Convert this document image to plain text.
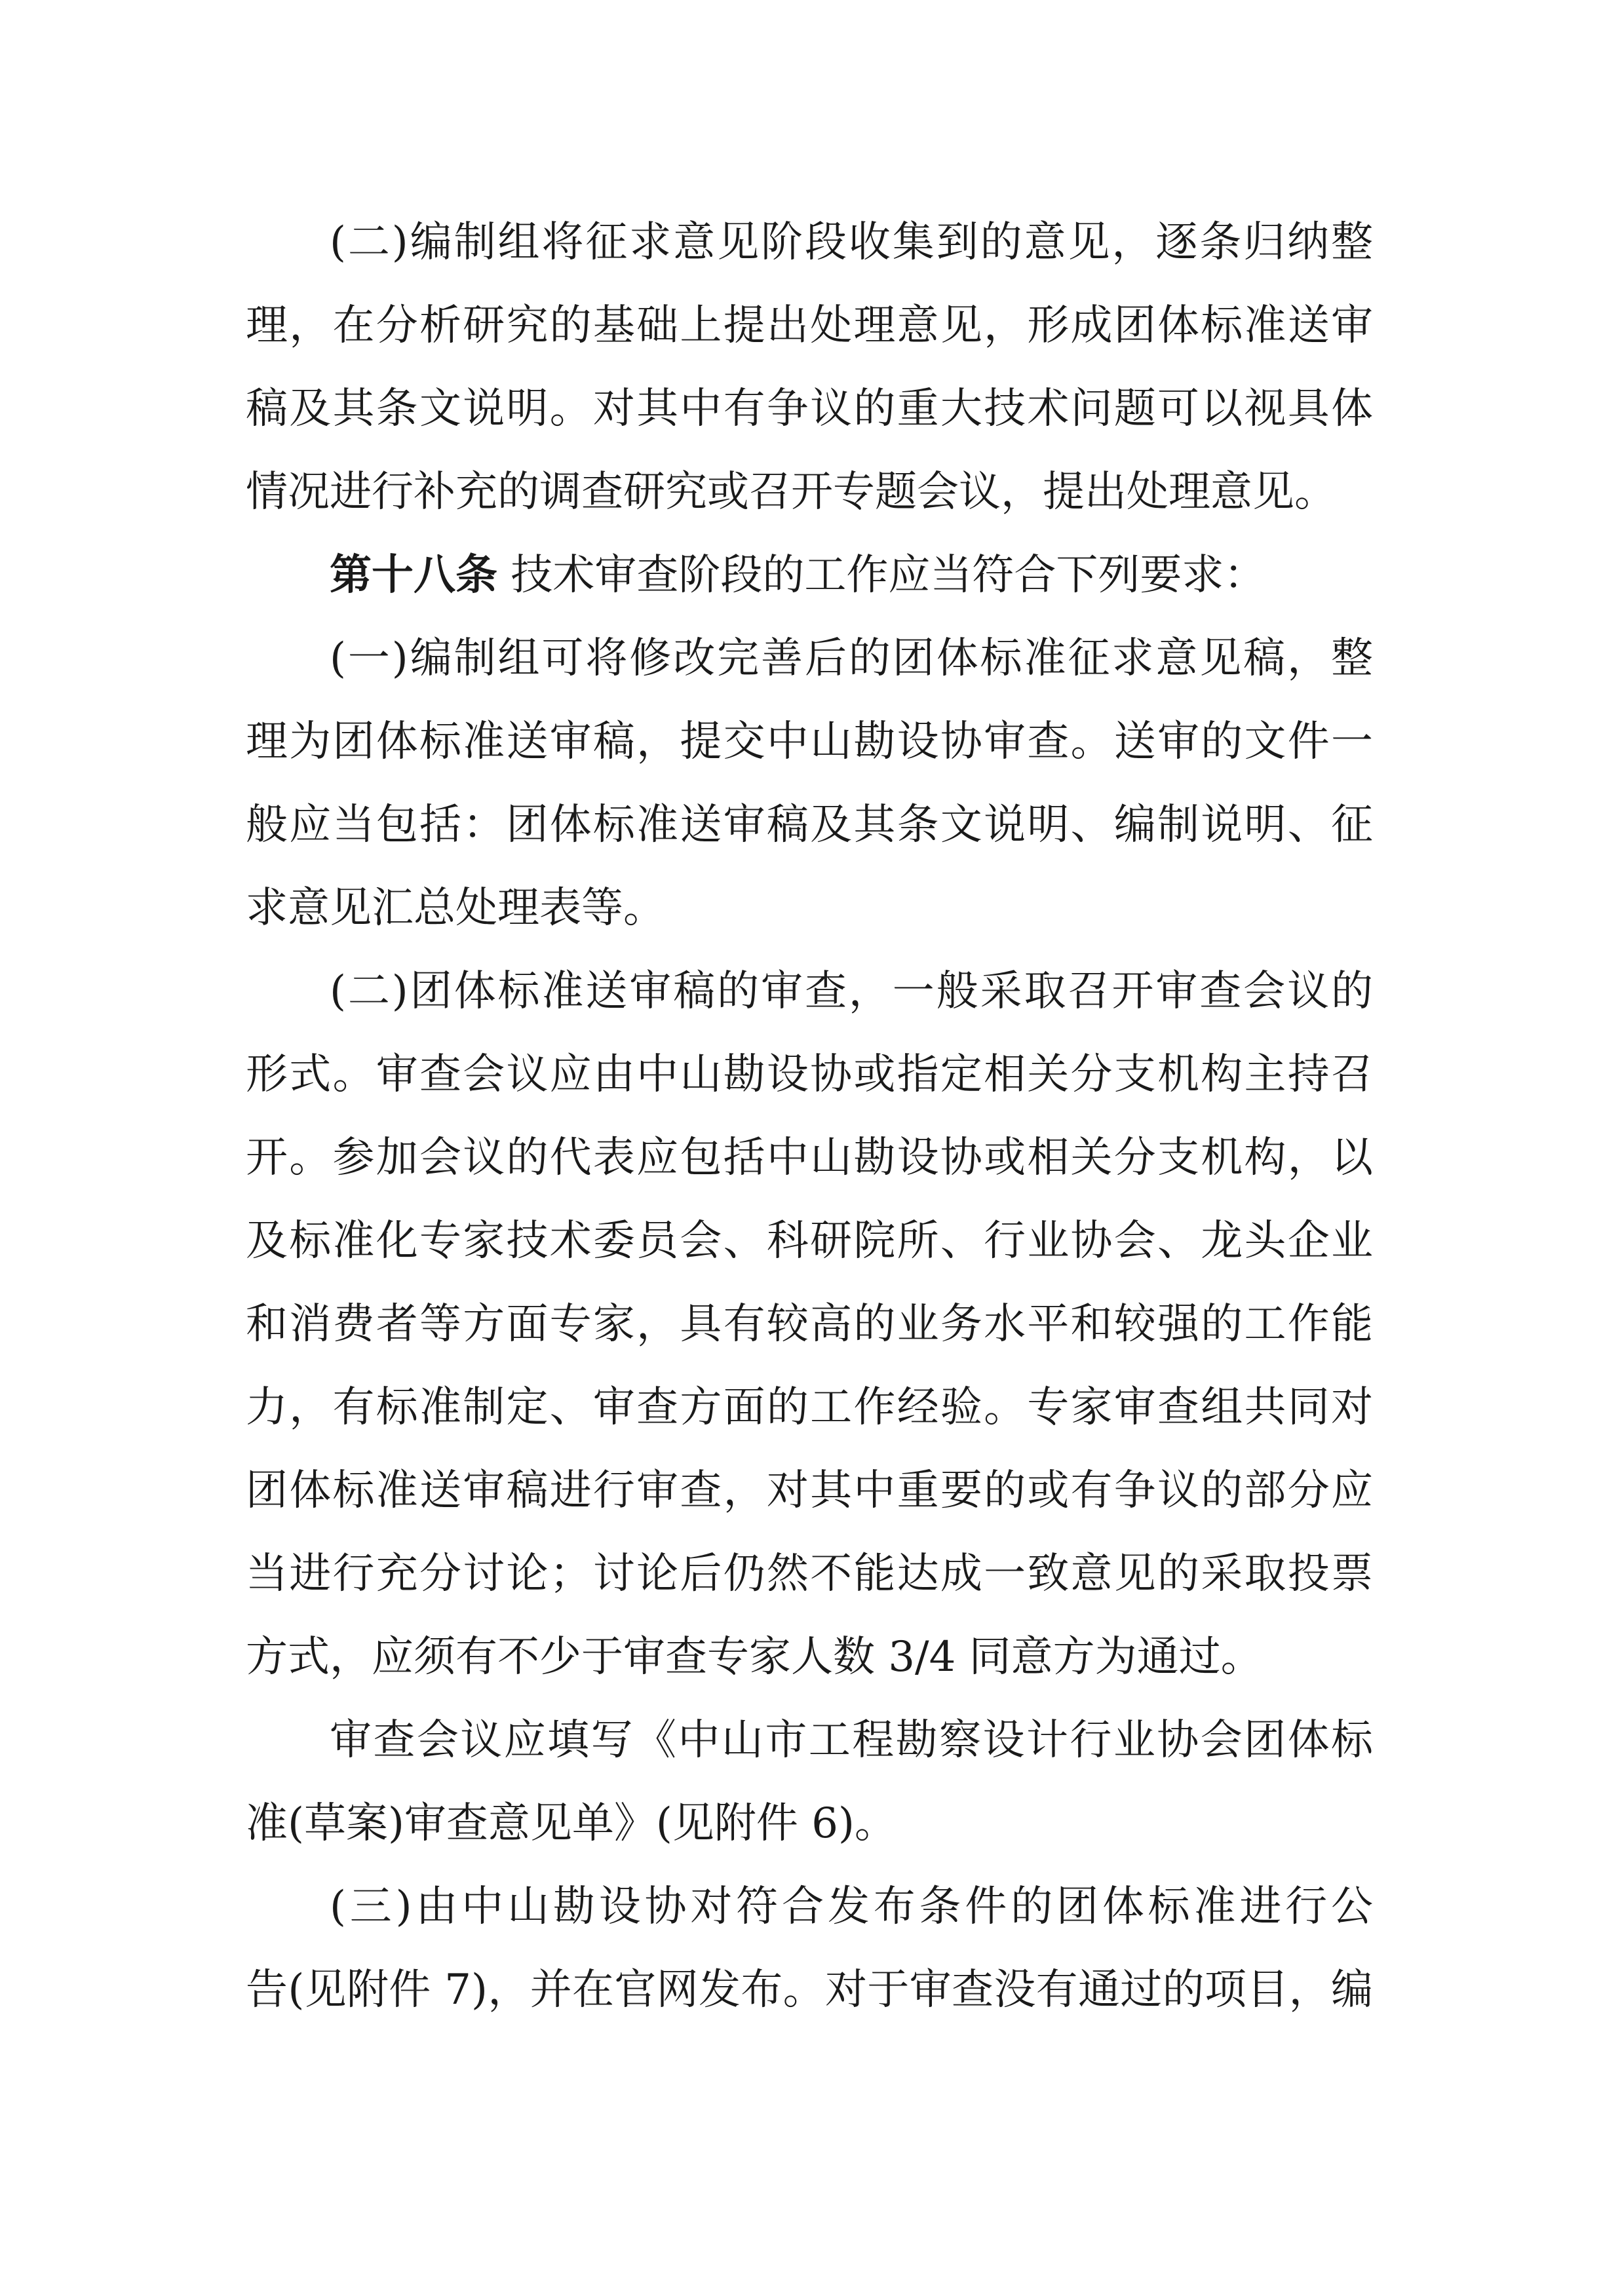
(二)编制组将征求意见阶段收集到的意见，逐条归纳整
理，在分析研究的基础上提出处理意见，形成团体标准送审
稿及其条文说明。对其中有争议的重大技术问题可以视具体
情况进行补充的调查研究或召开专题会议，提出处理意见。
第十八条 技术审查阶段的工作应当符合下列要求：
(一)编制组可将修改完善后的团体标准征求意见稿，整
理为团体标准送审稿，提交中山勘设协审查。送审的文件一
般应当包括：团体标准送审稿及其条文说明、编制说明、征
求意见汇总处理表等。
(二)团体标准送审稿的审查，一般采取召开审查会议的
形式。审查会议应由中山勘设协或指定相关分支机构主持召
开。参加会议的代表应包括中山勘设协或相关分支机构，以
及标准化专家技术委员会、科研院所、行业协会、龙头企业
和消费者等方面专家，具有较高的业务水平和较强的工作能
力，有标准制定、审查方面的工作经验。专家审查组共同对
团体标准送审稿进行审查，对其中重要的或有争议的部分应
当进行充分讨论；讨论后仍然不能达成一致意见的采取投票
方式，应须有不少于审查专家人数 3/4 同意方为通过。
审查会议应填写《中山市工程勘察设计行业协会团体标
准(草案)审查意见单》(见附件 6)。
(三)由中山勘设协对符合发布条件的团体标准进行公
告(见附件 7)，并在官网发布。对于审查没有通过的项目，编
